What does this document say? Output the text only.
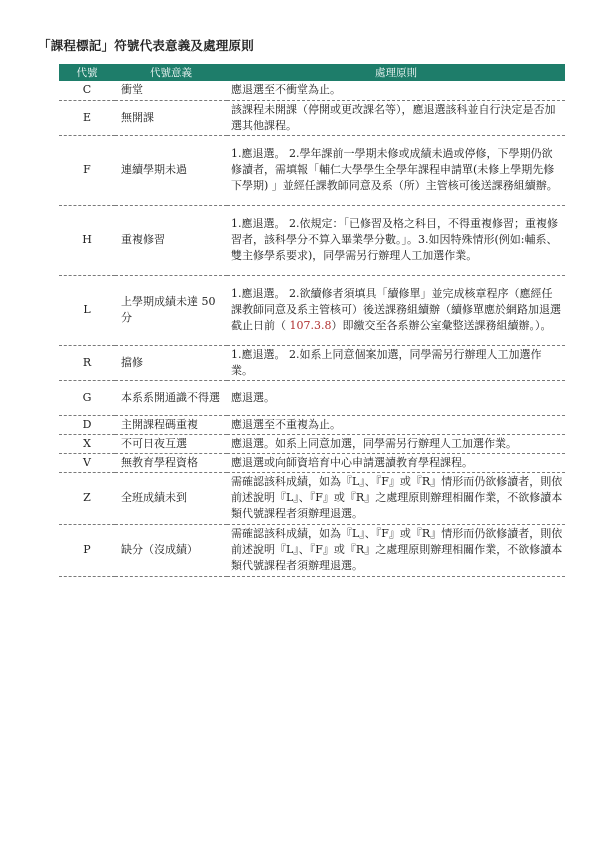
「課程標記」符號代表意義及處理原則
代號	代號意義	處理原則
C	衝堂	應退選至不衝堂為止。
E	無開課	該課程未開課（停開或更改課名等），應退選該科並自行決定是否加選其他課程。
F	連續學期未過	1.應退選。 2.學年課前一學期未修或成績未過或停修，下學期仍欲修讀者，需填報「輔仁大學學生全學年課程申請單(未修上學期先修下學期) 」並經任課教師同意及系（所）主管核可後送課務組續辦。
H	重複修習	1.應退選。 2.依規定：「已修習及格之科目，不得重複修習；重複修習者，該科學分不算入畢業學分數。」。3.如因特殊情形(例如:輔系、雙主修學系要求)，同學需另行辦理人工加選作業。
L	上學期成績未達 50 分	1.應退選。 2.欲續修者須填具「續修單」並完成核章程序（應經任課教師同意及系主管核可）後送課務組續辦（續修單應於網路加退選截止日前（ 107.3.8）即繳交至各系辦公室彙整送課務組續辦。）。
R	擋修	1.應退選。 2.如系上同意個案加選，同學需另行辦理人工加選作業。
G	本系系開通識不得選	應退選。
D	主開課程碼重複	應退選至不重複為止。
X	不可日夜互選	應退選。如系上同意加選，同學需另行辦理人工加選作業。
V	無教育學程資格	應退選或向師資培育中心申請選讀教育學程課程。
Z	全班成績未到	需確認該科成績，如為『L』、『F』或『R』情形而仍欲修讀者，則依前述說明『L』、『F』或『R』之處理原則辦理相關作業，不欲修讀本類代號課程者須辦理退選。
P	缺分（沒成績）	需確認該科成績，如為『L』、『F』或『R』情形而仍欲修讀者，則依前述說明『L』、『F』或『R』之處理原則辦理相關作業，不欲修讀本類代號課程者須辦理退選。
